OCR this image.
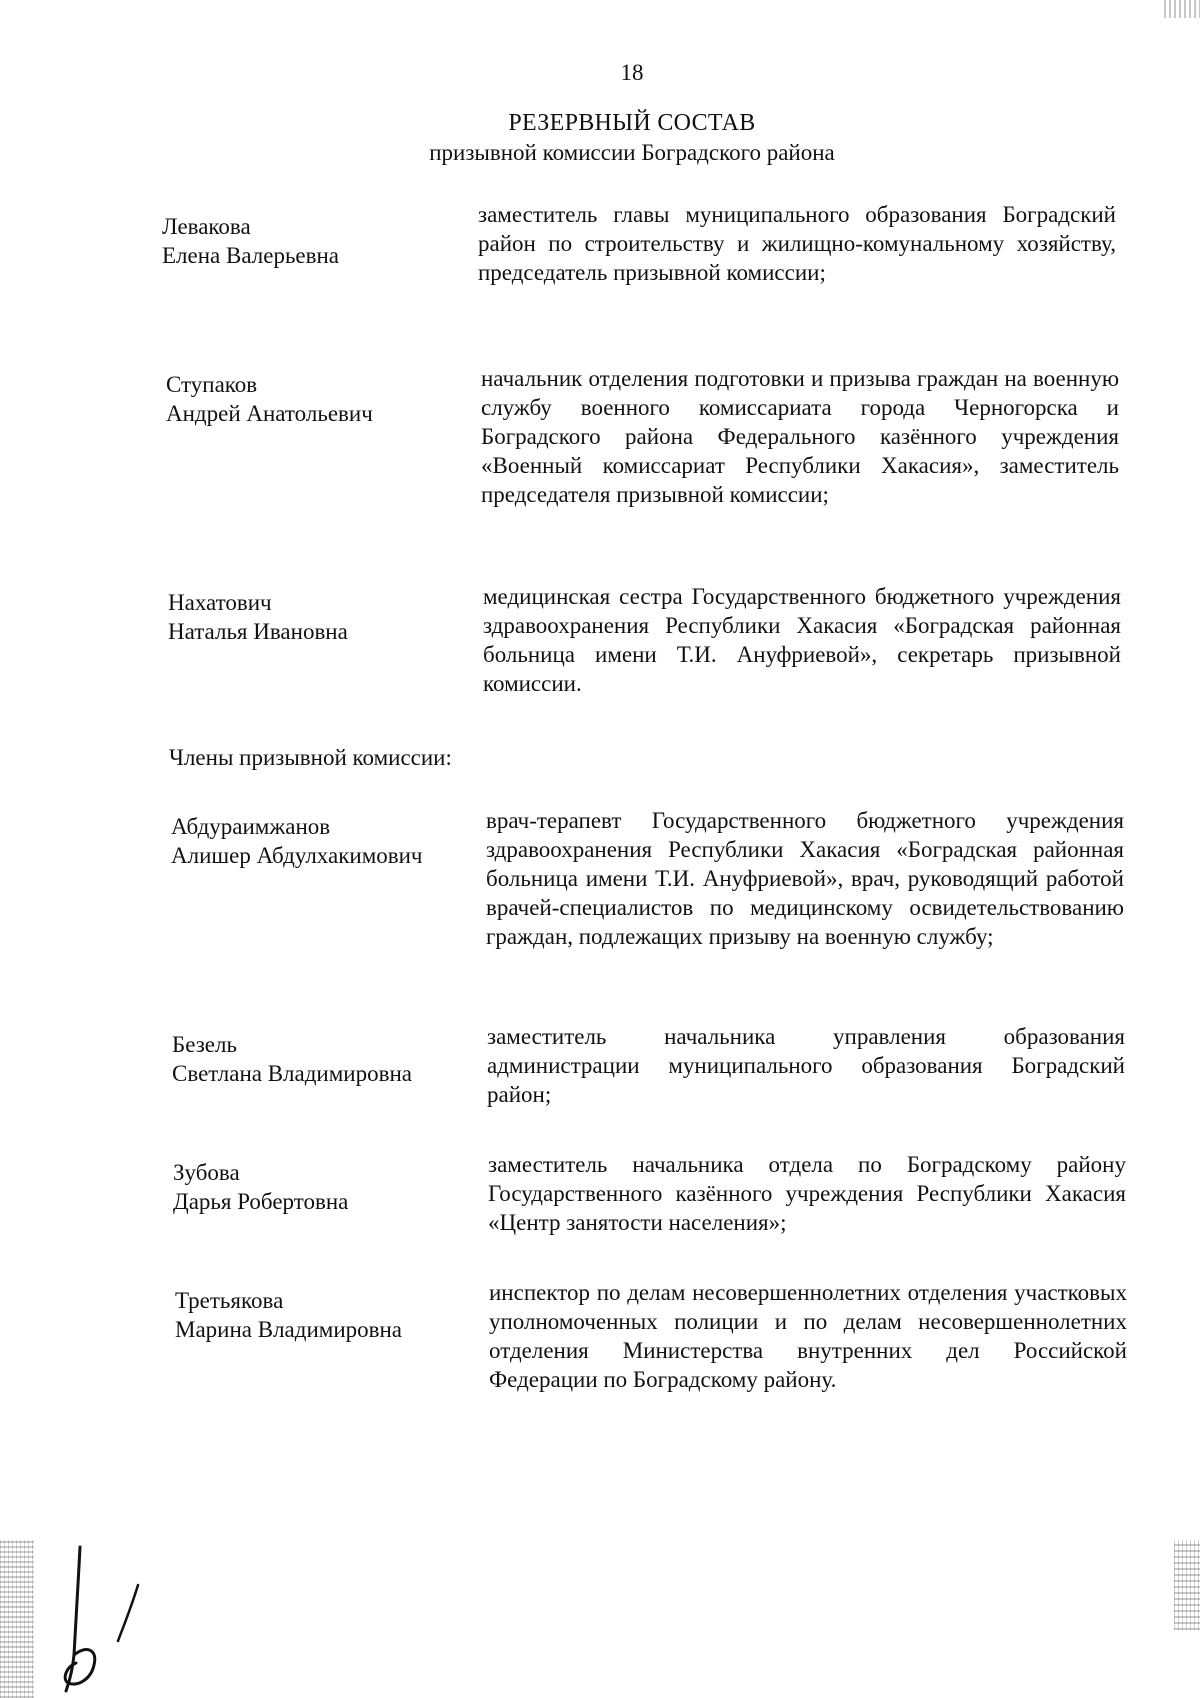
18
РЕЗЕРВНЫЙ СОСТАВ
призывной комиссии Боградского района
Левакова
Елена Валерьевна
заместитель главы муниципального образования Боградский район по строительству и жилищно-комунальному хозяйству, председатель призывной комиссии;
Ступаков
Андрей Анатольевич
начальник отделения подготовки и призыва граждан на военную службу военного комиссариата города Черногорска и Боградского района Федерального казённого учреждения «Военный комиссариат Республики Хакасия», заместитель председателя призывной комиссии;
Нахатович
Наталья Ивановна
медицинская сестра Государственного бюджетного учреждения здравоохранения Республики Хакасия «Боградская районная больница имени Т.И. Ануфриевой», секретарь призывной комиссии.
Члены призывной комиссии:
Абдураимжанов
Алишер Абдулхакимович
врач-терапевт Государственного бюджетного учреждения здравоохранения Республики Хакасия «Боградская районная больница имени Т.И. Ануфриевой», врач, руководящий работой врачей-специалистов по медицинскому освидетельствованию граждан, подлежащих призыву на военную службу;
Безель
Светлана Владимировна
заместитель начальника управления образования администрации муниципального образования Боградский район;
Зубова
Дарья Робертовна
заместитель начальника отдела по Боградскому району Государственного казённого учреждения Республики Хакасия «Центр занятости населения»;
Третьякова
Марина Владимировна
инспектор по делам несовершеннолетних отделения участковых уполномоченных полиции и по делам несовершеннолетних отделения Министерства внутренних дел Российской Федерации по Боградскому району.
